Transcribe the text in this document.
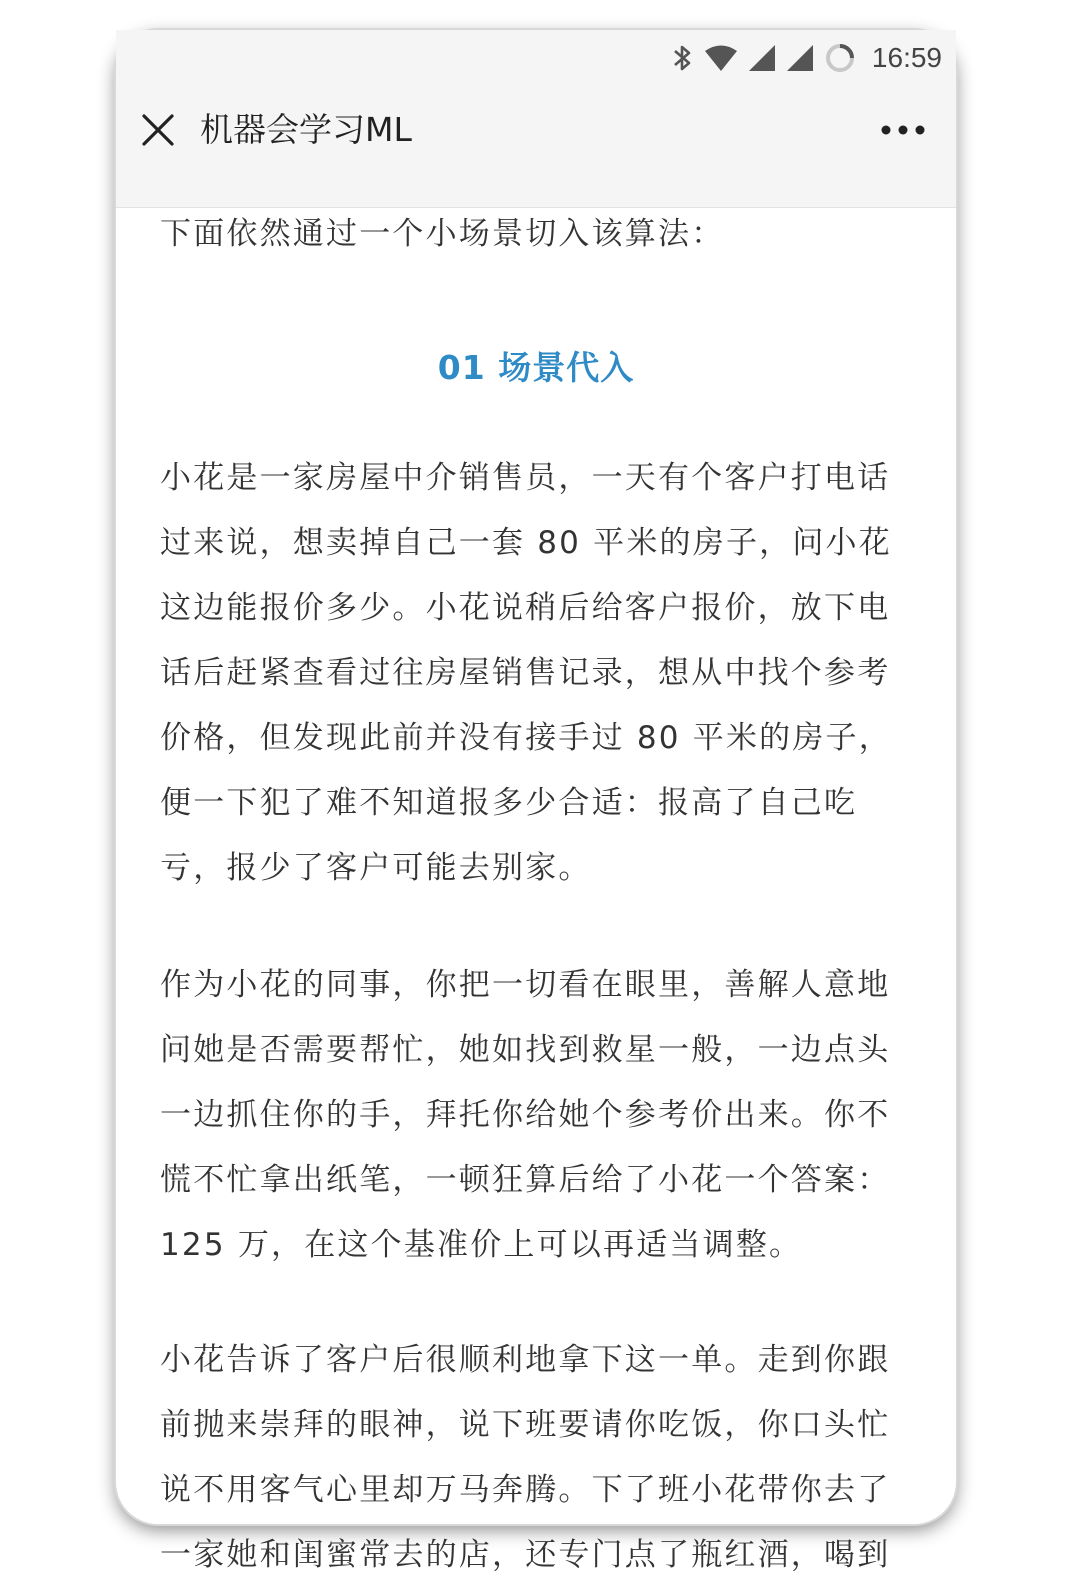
16:59
机器会学习ML

下面依然通过一个小场景切入该算法：

01 场景代入

小花是一家房屋中介销售员，一天有个客户打电话过来说，想卖掉自己一套 80 平米的房子，问小花这边能报价多少。小花说稍后给客户报价，放下电话后赶紧查看过往房屋销售记录，想从中找个参考价格，但发现此前并没有接手过 80 平米的房子，便一下犯了难不知道报多少合适：报高了自己吃亏，报少了客户可能去别家。

作为小花的同事，你把一切看在眼里，善解人意地问她是否需要帮忙，她如找到救星一般，一边点头一边抓住你的手，拜托你给她个参考价出来。你不慌不忙拿出纸笔，一顿狂算后给了小花一个答案：125 万，在这个基准价上可以再适当调整。

小花告诉了客户后很顺利地拿下这一单。走到你跟前抛来崇拜的眼神，说下班要请你吃饭，你口头忙说不用客气心里却万马奔腾。下了班小花带你去了一家她和闺蜜常去的店，还专门点了瓶红酒，喝到
